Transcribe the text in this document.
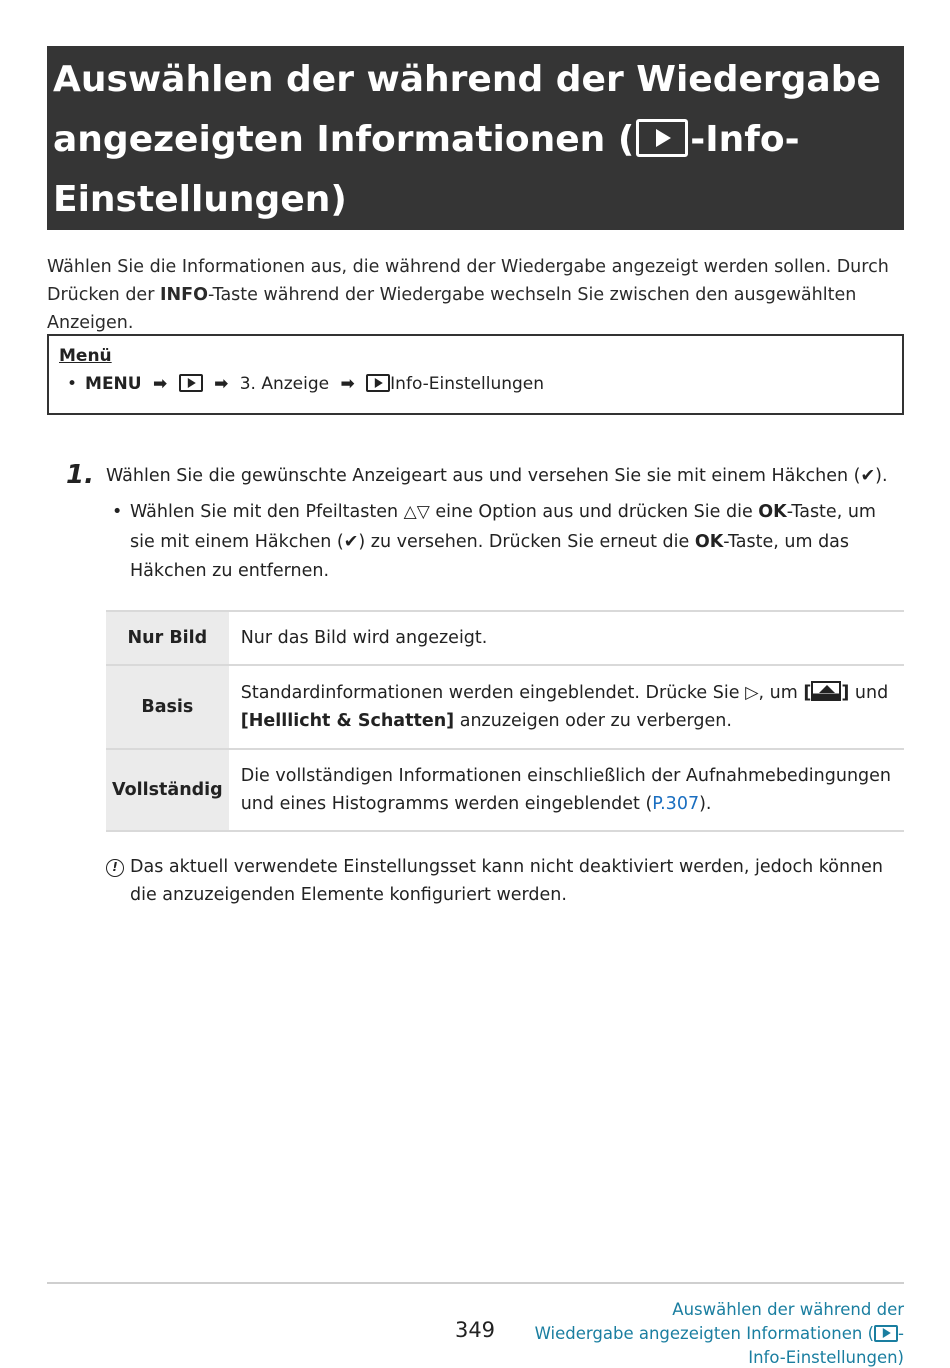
Auswählen der während der Wiedergabe
angezeigten Informationen ( -Info-
Einstellungen)

Wählen Sie die Informationen aus, die während der Wiedergabe angezeigt werden sollen. Durch Drücken der INFO-Taste während der Wiedergabe wechseln Sie zwischen den ausgewählten Anzeigen.

Menü
• MENU ➡	➡ 3. Anzeige ➡ Info-Einstellungen
1. Wählen Sie die gewünschte Anzeigeart aus und versehen Sie sie mit einem Häkchen (✔).
• Wählen Sie mit den Pfeiltasten △▽ eine Option aus und drücken Sie die OK-Taste, um sie mit einem Häkchen (✔) zu versehen. Drücken Sie erneut die OK-Taste, um das Häkchen zu entfernen.
Nur Bild	Nur das Bild wird angezeigt.
Basis	Standardinformationen werden eingeblendet. Drücke Sie ▷, um [ ] und [Helllicht & Schatten] anzuzeigen oder zu verbergen.
Vollständig	Die vollständigen Informationen einschließlich der Aufnahmebedingungen und eines Histogramms werden eingeblendet (P.307).
! Das aktuell verwendete Einstellungsset kann nicht deaktiviert werden, jedoch können die anzuzeigenden Elemente konfiguriert werden.
349
Auswählen der während der
Wiedergabe angezeigten Informationen ( -
Info-Einstellungen)
